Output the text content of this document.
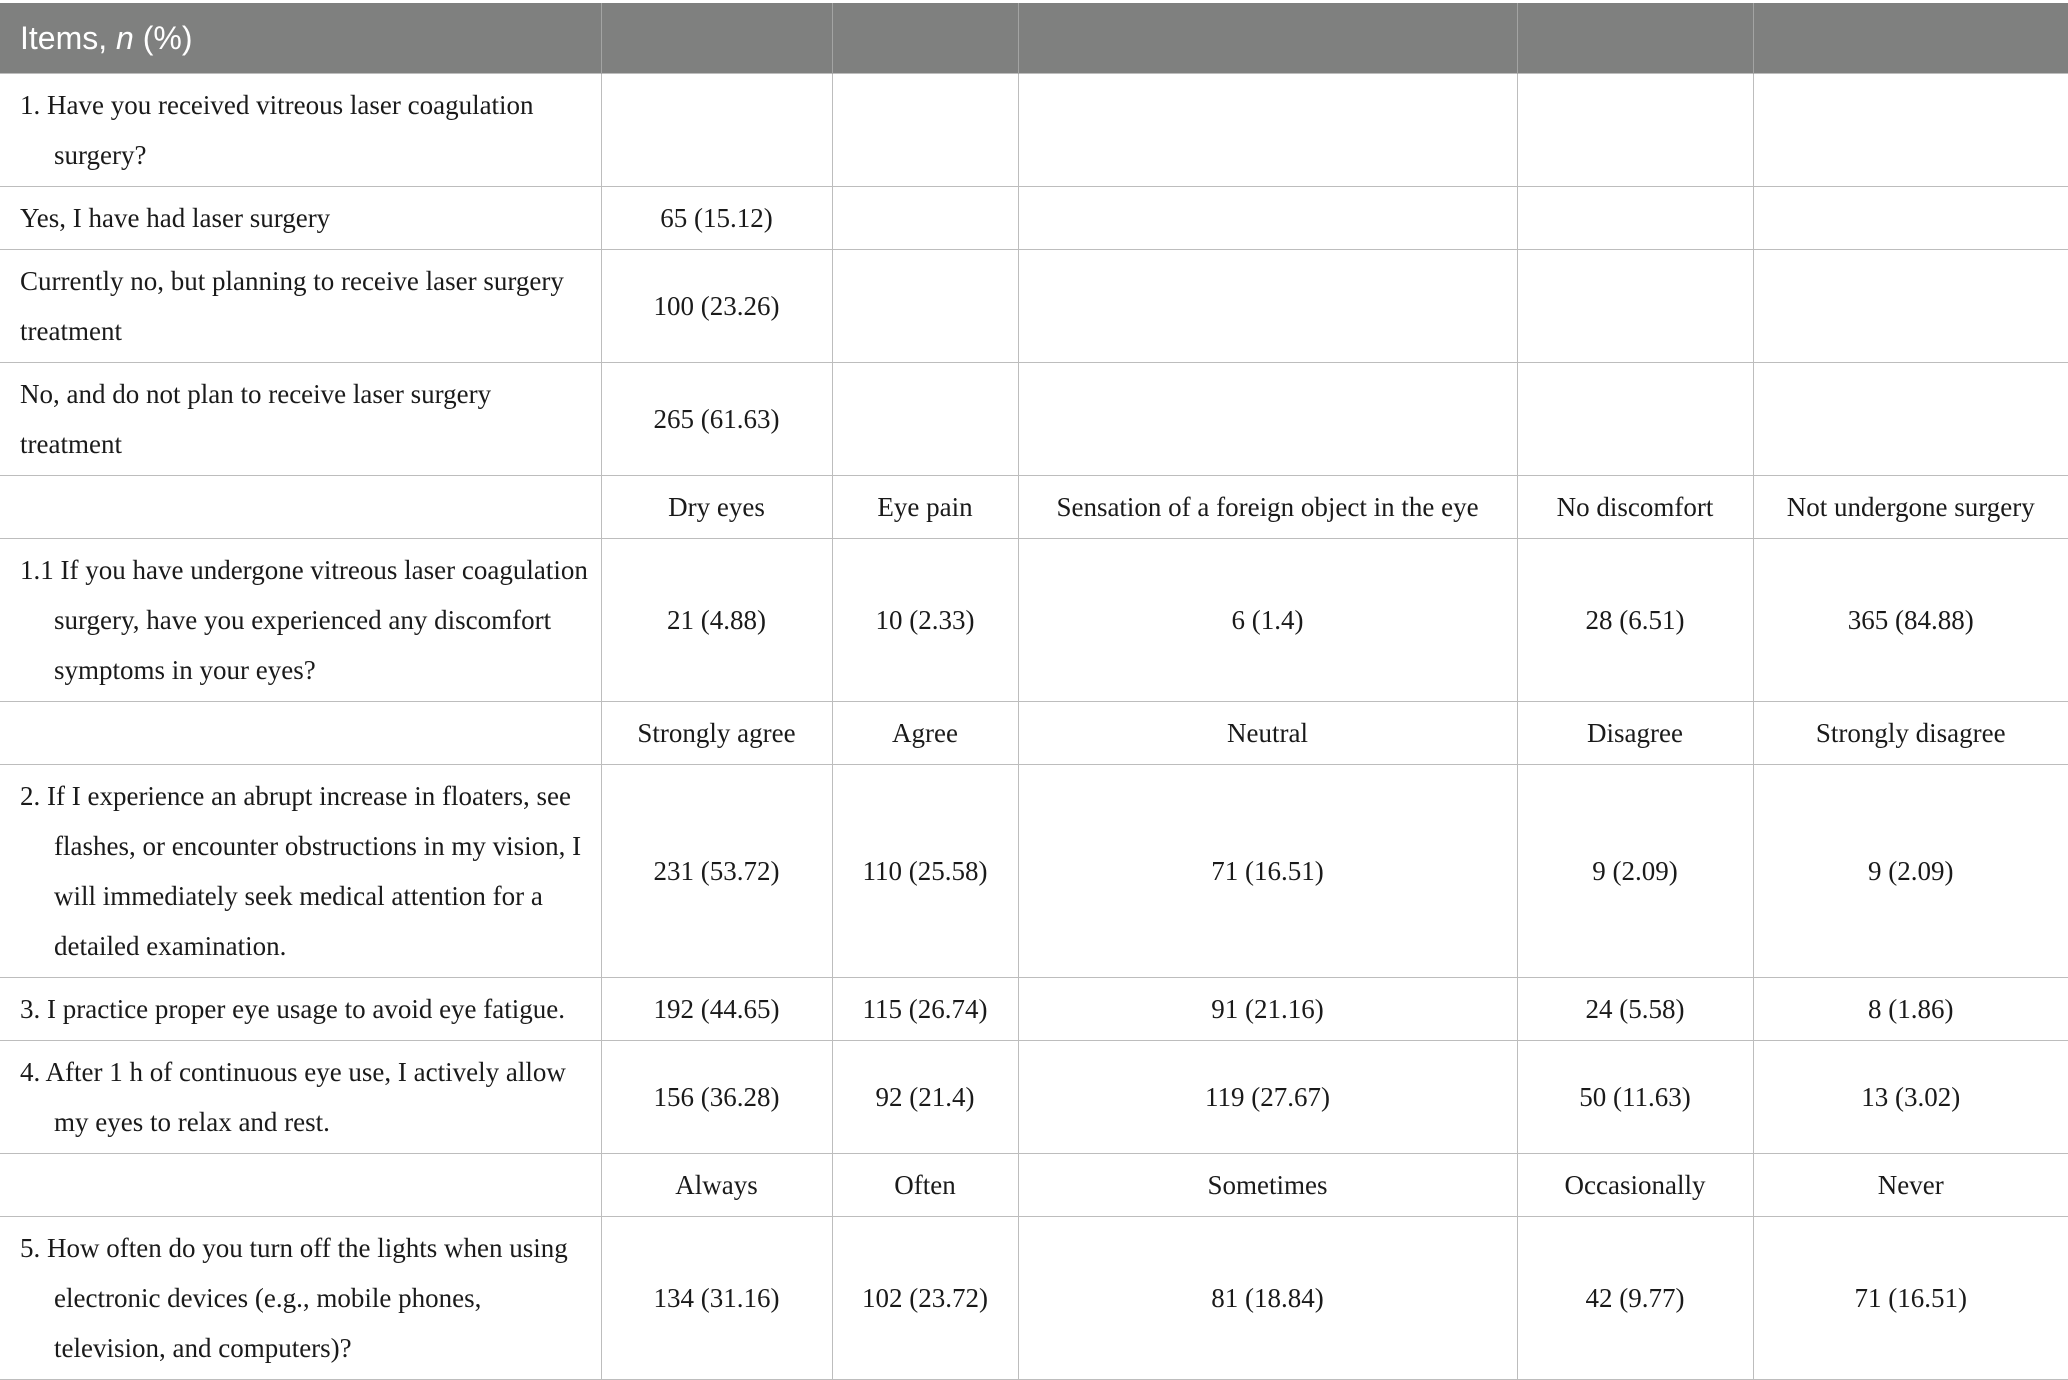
Items, n (%)					

1. Have you received vitreous laser coagulation surgery?					

Yes, I have had laser surgery	65 (15.12)				
Currently no, but planning to receive laser surgery treatment	100 (23.26)				
No, and do not plan to receive laser surgery treatment	265 (61.63)				
	Dry eyes	Eye pain	Sensation of a foreign object in the eye	No discomfort	Not undergone surgery

1.1 If you have undergone vitreous laser coagulation surgery, have you experienced any discomfort symptoms in your eyes?	21 (4.88)	10 (2.33)	6 (1.4)	28 (6.51)	365 (84.88)
	Strongly agree	Agree	Neutral	Disagree	Strongly disagree

2. If I experience an abrupt increase in floaters, see flashes, or encounter obstructions in my vision, I will immediately seek medical attention for a detailed examination.	231 (53.72)	110 (25.58)	71 (16.51)	9 (2.09)	9 (2.09)

3. I practice proper eye usage to avoid eye fatigue.	192 (44.65)	115 (26.74)	91 (21.16)	24 (5.58)	8 (1.86)

4. After 1 h of continuous eye use, I actively allow my eyes to relax and rest.	156 (36.28)	92 (21.4)	119 (27.67)	50 (11.63)	13 (3.02)
	Always	Often	Sometimes	Occasionally	Never

5. How often do you turn off the lights when using electronic devices (e.g., mobile phones, television, and computers)?	134 (31.16)	102 (23.72)	81 (18.84)	42 (9.77)	71 (16.51)
